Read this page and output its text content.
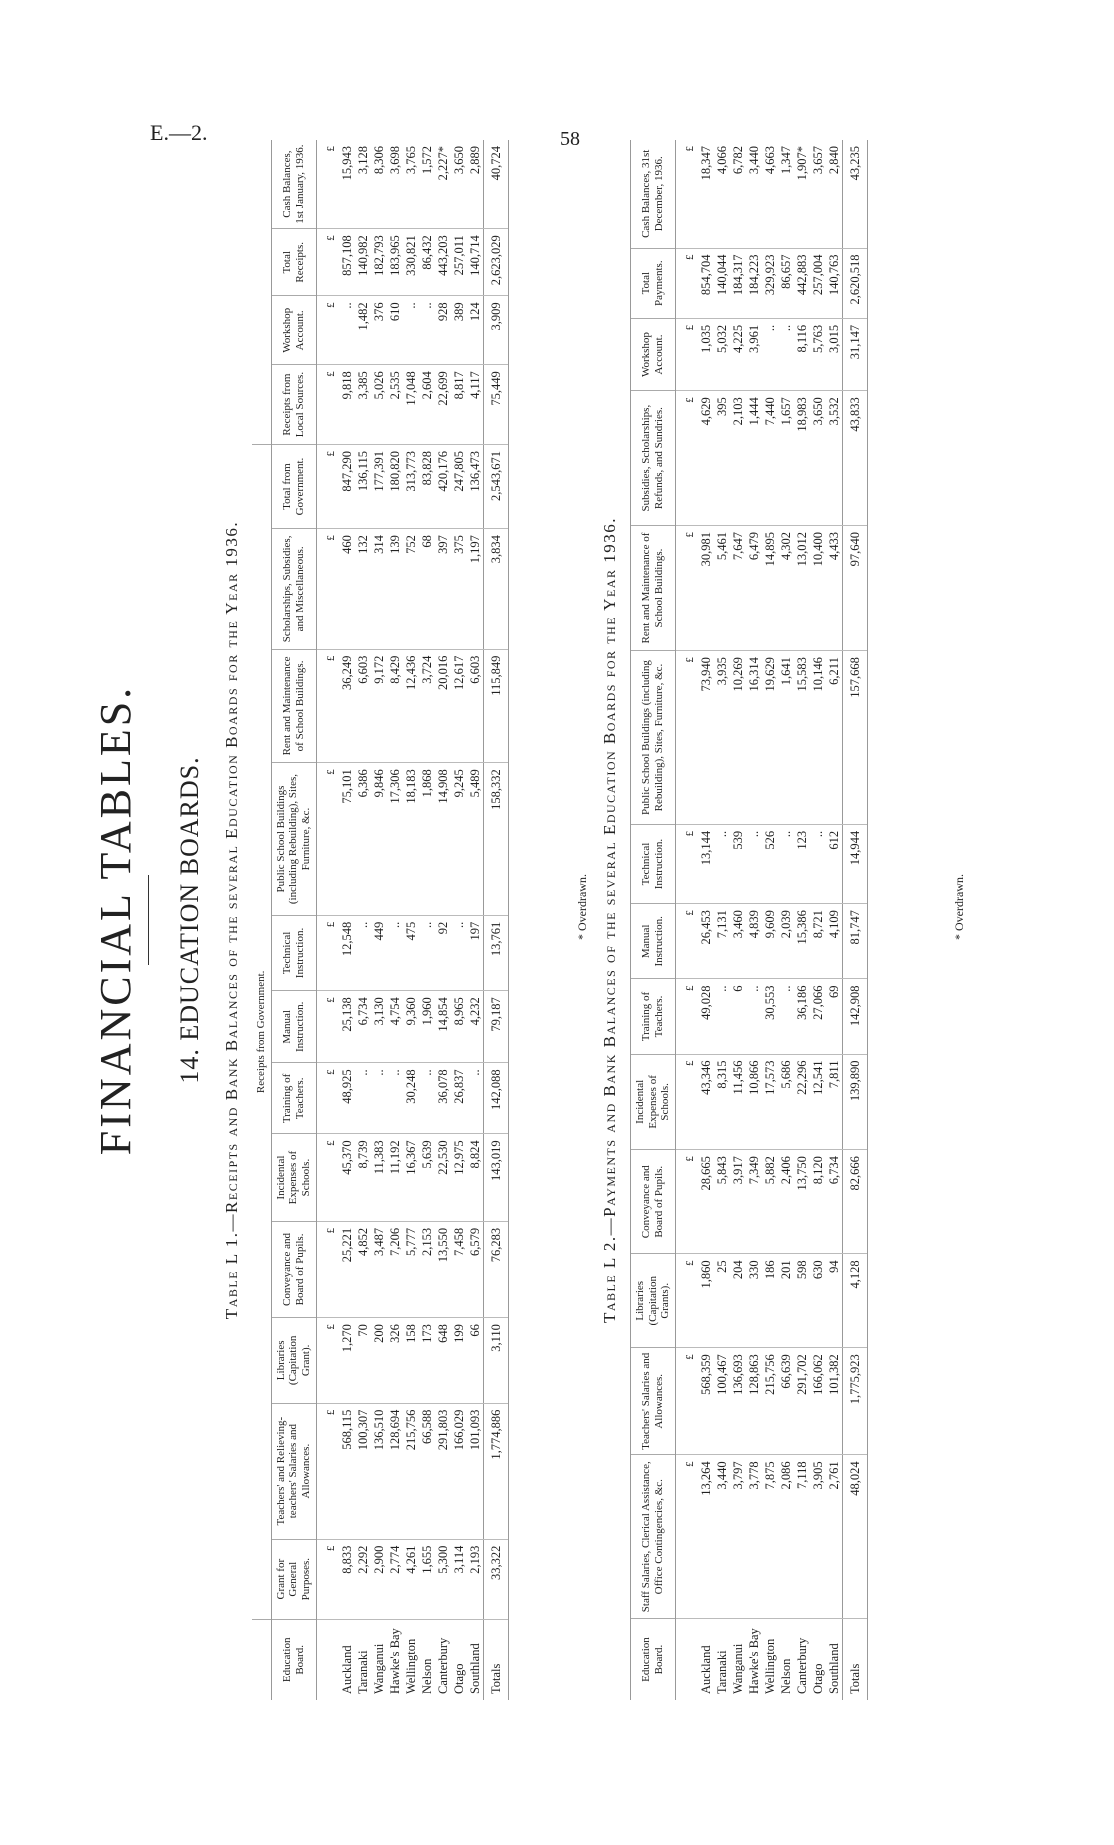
E.—2.	58
FINANCIAL TABLES. 14. EDUCATION BOARDS. Table L 1.—Receipts and Bank Balances of the several Education Boards for the Year 1936.
	Receipts from Government.															
Education Board.	Grant for General Purposes.	Teachers' and Relieving-teachers' Salaries and Allowances.	Libraries (Capitation Grant).	Conveyance and Board of Pupils.	Incidental Expenses of Schools.	Training of Teachers.	Manual Instruction.	Technical Instruction.	Public School Buildings (including Rebuilding), Sites, Furniture, &c.	Rent and Maintenance of School Buildings.	Scholarships, Subsidies, and Miscellaneous.	Total from Government.	Receipts from Local Sources.	Workshop Account.	Total Receipts.	Cash Balances, 1st January, 1936.
	£	£	£	£	£	£	£	£	£	£	£	£	£	£	£	£
Auckland	8,833	568,115	1,270	25,221	45,370	48,925	25,138	12,548	75,101	36,249	460	847,290	9,818	..	857,108	15,943
Taranaki	2,292	100,307	70	4,852	8,739	..	6,734	..	6,386	6,603	132	136,115	3,385	1,482	140,982	3,128
Wanganui	2,900	136,510	200	3,487	11,383	..	3,130	449	9,846	9,172	314	177,391	5,026	376	182,793	8,306
Hawke's Bay	2,774	128,694	326	7,206	11,192	..	4,754	..	17,306	8,429	139	180,820	2,535	610	183,965	3,698
Wellington	4,261	215,756	158	5,777	16,367	30,248	9,360	475	18,183	12,436	752	313,773	17,048	..	330,821	3,765
Nelson	1,655	66,588	173	2,153	5,639	..	1,960	..	1,868	3,724	68	83,828	2,604	..	86,432	1,572
Canterbury	5,300	291,803	648	13,550	22,530	36,078	14,854	92	14,908	20,016	397	420,176	22,699	928	443,203	2,227*
Otago	3,114	166,029	199	7,458	12,975	26,837	8,965	..	9,245	12,617	375	247,805	8,817	389	257,011	3,650
Southland	2,193	101,093	66	6,579	8,824	..	4,232	197	5,489	6,603	1,197	136,473	4,117	124	140,714	2,889
Totals	33,322	1,774,886	3,110	76,283	143,019	142,088	79,187	13,761	158,332	115,849	3,834	2,543,671	75,449	3,909	2,623,029	40,724
* Overdrawn. Table L 2.—Payments and Bank Balances of the several Education Boards for the Year 1936.
Education Board.	Staff Salaries, Clerical Assistance, Office Contingencies, &c.	Teachers' Salaries and Allowances.	Libraries (Capitation Grants).	Conveyance and Board of Pupils.	Incidental Expenses of Schools.	Training of Teachers.	Manual Instruction.	Technical Instruction.	Public School Buildings (including Rebuilding), Sites, Furniture, &c.	Rent and Maintenance of School Buildings.	Subsidies, Scholarships, Refunds, and Sundries.	Workshop Account.	Total Payments.	Cash Balances, 31st December, 1936.
	£	£	£	£	£	£	£	£	£	£	£	£	£	£
Auckland	13,264	568,359	1,860	28,665	43,346	49,028	26,453	13,144	73,940	30,981	4,629	1,035	854,704	18,347
Taranaki	3,440	100,467	25	5,843	8,315	..	7,131	..	3,935	5,461	395	5,032	140,044	4,066
Wanganui	3,797	136,693	204	3,917	11,456	6	3,460	539	10,269	7,647	2,103	4,225	184,317	6,782
Hawke's Bay	3,778	128,863	330	7,349	10,866	..	4,839	..	16,314	6,479	1,444	3,961	184,223	3,440
Wellington	7,875	215,756	186	5,882	17,573	30,553	9,609	526	19,629	14,895	7,440	..	329,923	4,663
Nelson	2,086	66,639	201	2,406	5,686	..	2,039	..	1,641	4,302	1,657	..	86,657	1,347
Canterbury	7,118	291,702	598	13,750	22,296	36,186	15,386	123	15,583	13,012	18,983	8,116	442,883	1,907*
Otago	3,905	166,062	630	8,120	12,541	27,066	8,721	..	10,146	10,400	3,650	5,763	257,004	3,657
Southland	2,761	101,382	94	6,734	7,811	69	4,109	612	6,211	4,433	3,532	3,015	140,763	2,840
Totals	48,024	1,775,923	4,128	82,666	139,890	142,908	81,747	14,944	157,668	97,640	43,833	31,147	2,620,518	43,235
* Overdrawn.
